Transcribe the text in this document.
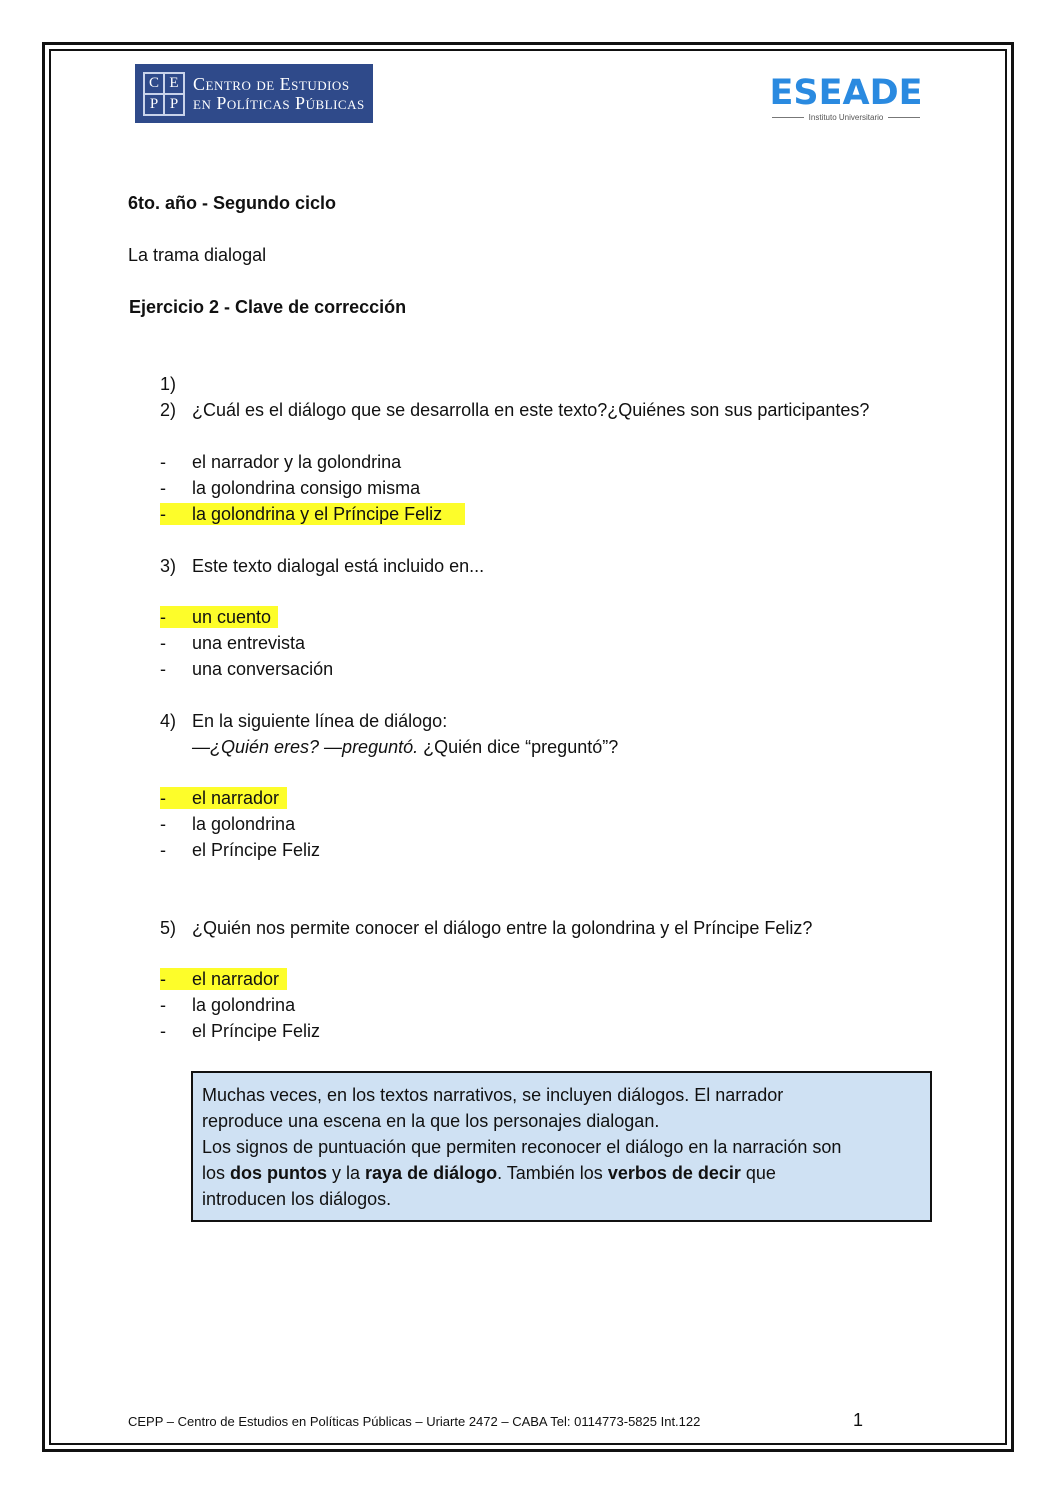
C E
P P
Centro de Estudios
en Políticas Públicas	ESEADE
Instituto Universitario
6to. año - Segundo ciclo
La trama dialogal
Ejercicio 2 - Clave de corrección
1)
2) ¿Cuál es el diálogo que se desarrolla en este texto?¿Quiénes son sus participantes?
- el narrador y la golondrina
- la golondrina consigo misma
- la golondrina y el Príncipe Feliz
3) Este texto dialogal está incluido en...
- un cuento
- una entrevista
- una conversación
4) En la siguiente línea de diálogo:
—¿Quién eres? —preguntó. ¿Quién dice “preguntó”?
- el narrador
- la golondrina
- el Príncipe Feliz
5) ¿Quién nos permite conocer el diálogo entre la golondrina y el Príncipe Feliz?
- el narrador
- la golondrina
- el Príncipe Feliz
Muchas veces, en los textos narrativos, se incluyen diálogos. El narrador
reproduce una escena en la que los personajes dialogan.
Los signos de puntuación que permiten reconocer el diálogo en la narración son
los dos puntos y la raya de diálogo. También los verbos de decir que
introducen los diálogos.
CEPP – Centro de Estudios en Políticas Públicas – Uriarte 2472 – CABA Tel: 0114773-5825 Int.122	1
